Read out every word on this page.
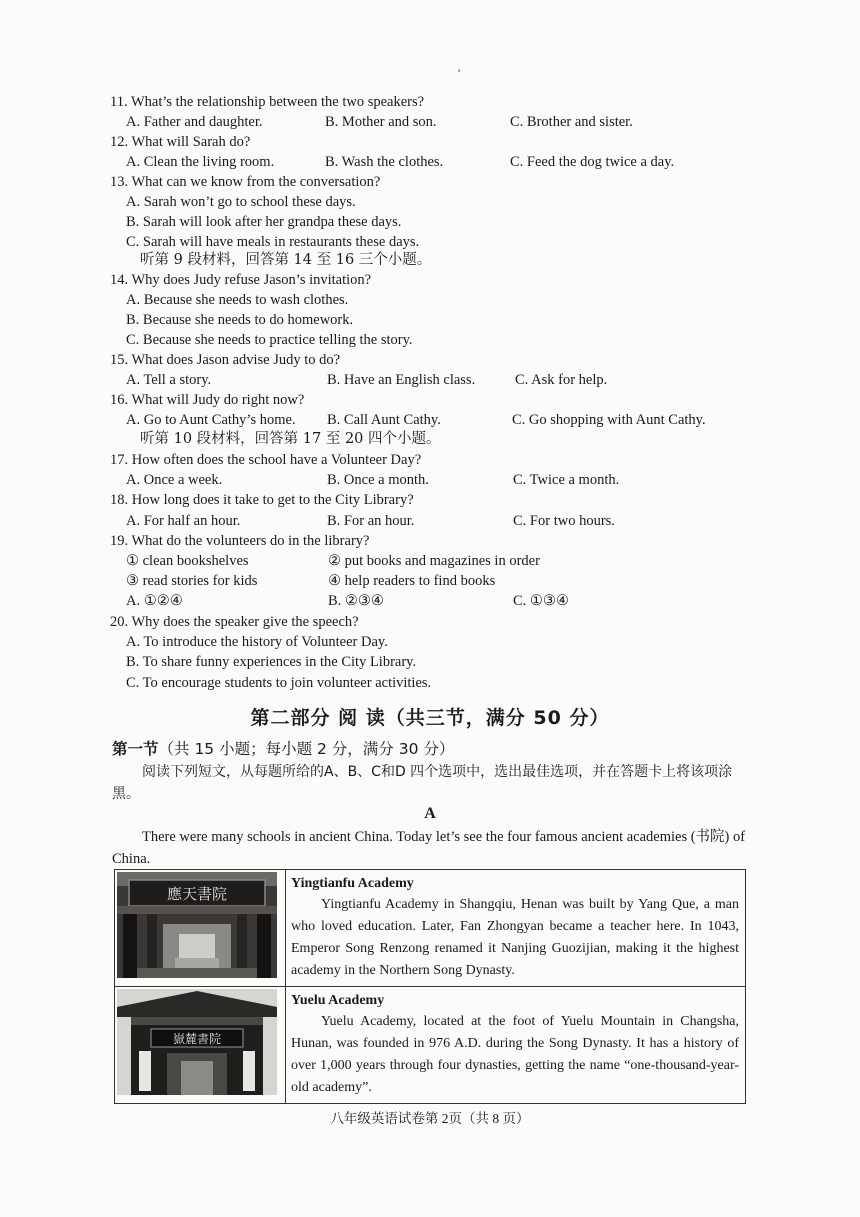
'
11. What’s the relationship between the two speakers?
A. Father and daughter.	B. Mother and son.	C. Brother and sister.
12. What will Sarah do?
A. Clean the living room.	B. Wash the clothes.	C. Feed the dog twice a day.
13. What can we know from the conversation?
A. Sarah won’t go to school these days.
B. Sarah will look after her grandpa these days.
C. Sarah will have meals in restaurants these days.
听第 9 段材料，回答第 14 至 16 三个小题。
14. Why does Judy refuse Jason’s invitation?
A. Because she needs to wash clothes.
B. Because she needs to do homework.
C. Because she needs to practice telling the story.
15. What does Jason advise Judy to do?
A. Tell a story.	B. Have an English class.	C. Ask for help.
16. What will Judy do right now?
A. Go to Aunt Cathy’s home. B. Call Aunt Cathy.	C. Go shopping with Aunt Cathy.
听第 10 段材料，回答第 17 至 20 四个小题。
17. How often does the school have a Volunteer Day?
A. Once a week.	B. Once a month.	C. Twice a month.
18. How long does it take to get to the City Library?
A. For half an hour.	B. For an hour.	C. For two hours.
19. What do the volunteers do in the library?
① clean bookshelves	② put books and magazines in order
③ read stories for kids	④ help readers to find books
A. ①②④	B. ②③④	C. ①③④
20. Why does the speaker give the speech?
A. To introduce the history of Volunteer Day.
B. To share funny experiences in the City Library.
C. To encourage students to join volunteer activities.
第二部分 阅 读（共三节，满分 50 分）
第一节（共 15 小题；每小题 2 分，满分 30 分）
阅读下列短文，从每题所给的A、B、C和D 四个选项中，选出最佳选项，并在答题卡上将该项涂黑。
A
There were many schools in ancient China. Today let’s see the four famous ancient academies (书院) of China.
應天書院	Yingtianfu Academy
Yingtianfu Academy in Shangqiu, Henan was built by Yang Que, a man who loved education. Later, Fan Zhongyan became a teacher here. In 1043, Emperor Song Renzong renamed it Nanjing Guozijian, making it the highest academy in the Northern Song Dynasty.

嶽麓書院	Yuelu Academy
Yuelu Academy, located at the foot of Yuelu Mountain in Changsha, Hunan, was founded in 976 A.D. during the Song Dynasty. It has a history of over 1,000 years through four dynasties, getting the name “one-thousand-year-old academy”.
八年级英语试卷第 2页（共 8 页）
